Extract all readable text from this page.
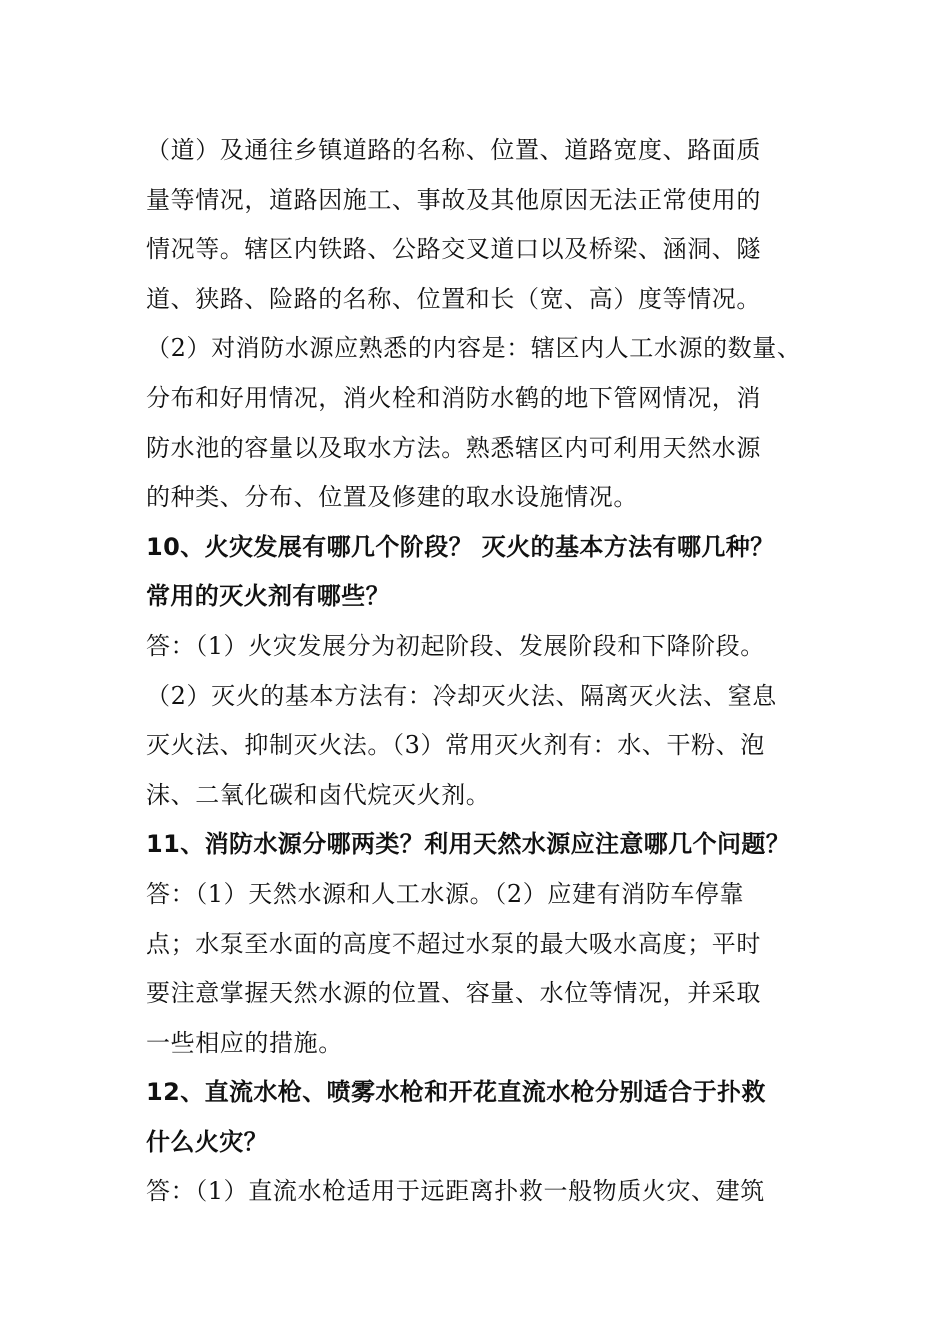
（道）及通往乡镇道路的名称、位置、道路宽度、路面质
量等情况，道路因施工、事故及其他原因无法正常使用的
情况等。辖区内铁路、公路交叉道口以及桥梁、涵洞、隧
道、狭路、险路的名称、位置和长（宽、高）度等情况。
（2）对消防水源应熟悉的内容是：辖区内人工水源的数量、
分布和好用情况，消火栓和消防水鹤的地下管网情况，消
防水池的容量以及取水方法。熟悉辖区内可利用天然水源
的种类、分布、位置及修建的取水设施情况。
10、火灾发展有哪几个阶段？ 灭火的基本方法有哪几种？
常用的灭火剂有哪些？
答：（1）火灾发展分为初起阶段、发展阶段和下降阶段。
（2）灭火的基本方法有：冷却灭火法、隔离灭火法、窒息
灭火法、抑制灭火法。（3）常用灭火剂有：水、干粉、泡
沫、二氧化碳和卤代烷灭火剂。
11、消防水源分哪两类？利用天然水源应注意哪几个问题？
答：（1）天然水源和人工水源。（2）应建有消防车停靠
点；水泵至水面的高度不超过水泵的最大吸水高度；平时
要注意掌握天然水源的位置、容量、水位等情况，并采取
一些相应的措施。
12、直流水枪、喷雾水枪和开花直流水枪分别适合于扑救
什么火灾？
答：（1）直流水枪适用于远距离扑救一般物质火灾、建筑
